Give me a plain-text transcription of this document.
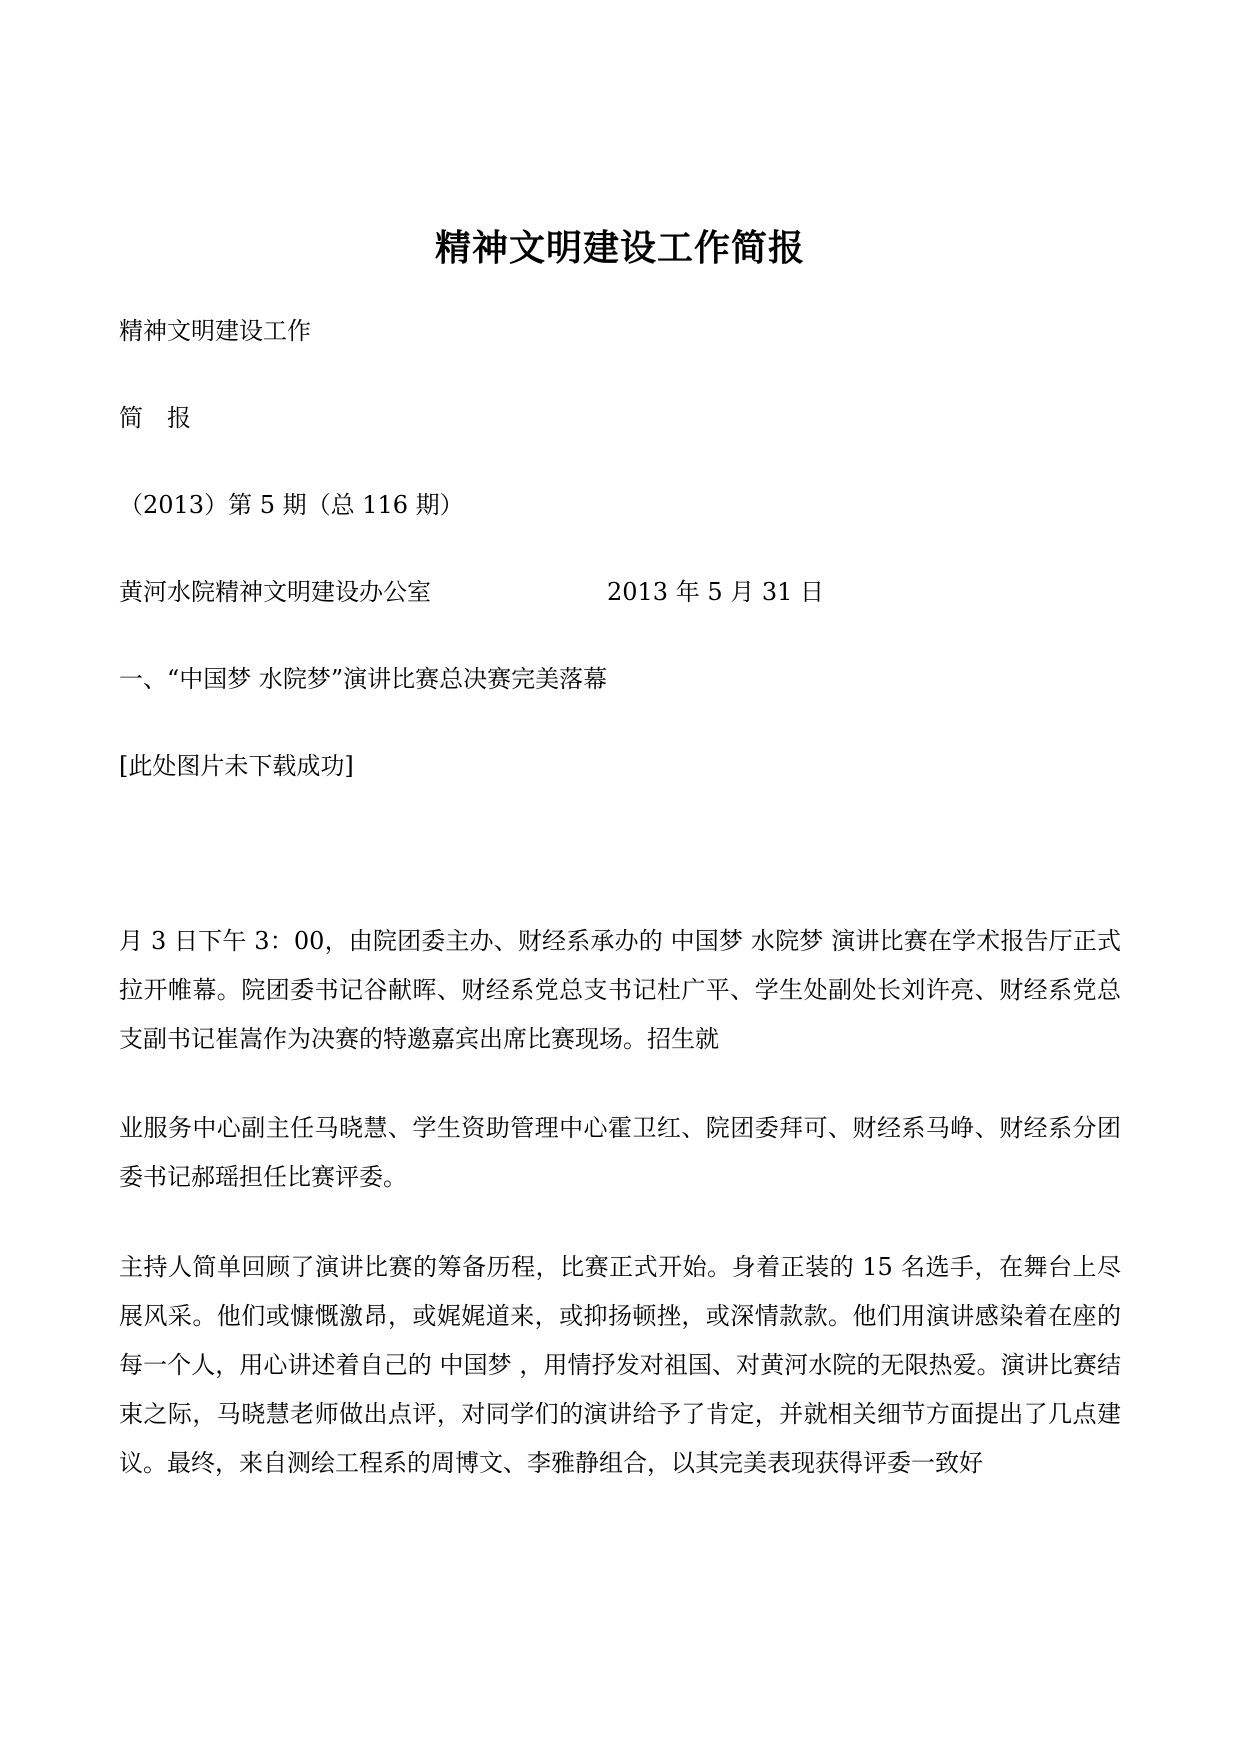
精神文明建设工作简报

精神文明建设工作

简　报

（2013）第 5 期（总 116 期）

黄河水院精神文明建设办公室	2013 年 5 月 31 日

一、“中国梦 水院梦”演讲比赛总决赛完美落幕

[此处图片未下载成功]

月 3 日下午 3：00，由院团委主办、财经系承办的 中国梦 水院梦 演讲比赛在学术报告厅正式拉开帷幕。院团委书记谷献晖、财经系党总支书记杜广平、学生处副处长刘许亮、财经系党总支副书记崔嵩作为决赛的特邀嘉宾出席比赛现场。招生就

业服务中心副主任马晓慧、学生资助管理中心霍卫红、院团委拜可、财经系马峥、财经系分团委书记郝瑶担任比赛评委。

主持人简单回顾了演讲比赛的筹备历程，比赛正式开始。身着正装的 15 名选手，在舞台上尽展风采。他们或慷慨激昂，或娓娓道来，或抑扬顿挫，或深情款款。他们用演讲感染着在座的每一个人，用心讲述着自己的 中国梦 ，用情抒发对祖国、对黄河水院的无限热爱。演讲比赛结束之际，马晓慧老师做出点评，对同学们的演讲给予了肯定，并就相关细节方面提出了几点建议。最终，来自测绘工程系的周博文、李雅静组合，以其完美表现获得评委一致好
